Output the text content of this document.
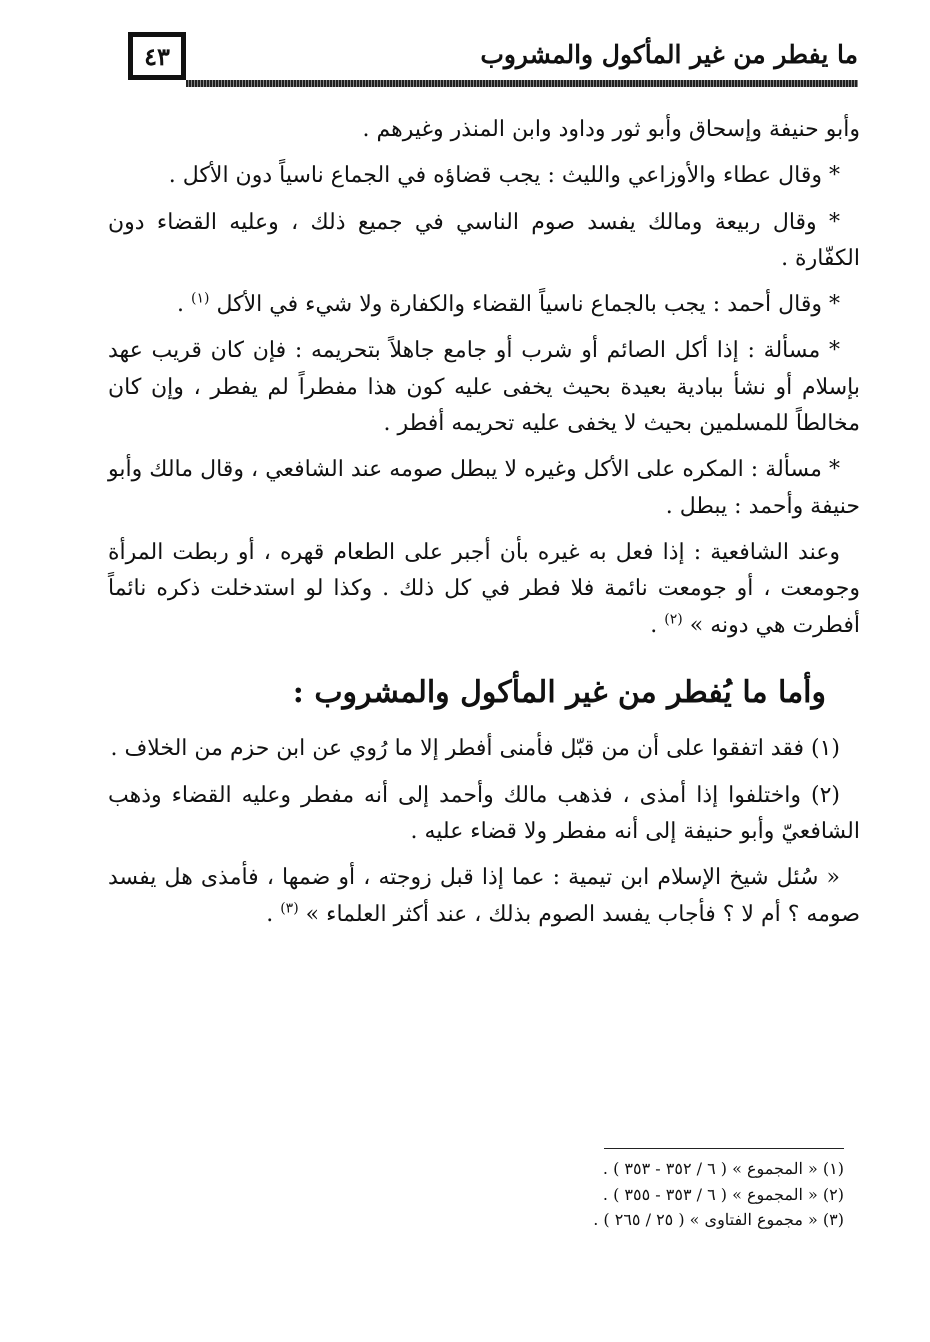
٤٣	ما يفطر من غير المأكول والمشروب

وأبو حنيفة وإسحاق وأبو ثور وداود وابن المنذر وغيرهم .

* وقال عطاء والأوزاعي والليث : يجب قضاؤه في الجماع ناسياً دون الأكل .

* وقال ربيعة ومالك يفسد صوم الناسي في جميع ذلك ، وعليه القضاء دون الكفّارة .

* وقال أحمد : يجب بالجماع ناسياً القضاء والكفارة ولا شيء في الأكل $^{(١)}$ .

* مسألة : إذا أكل الصائم أو شرب أو جامع جاهلاً بتحريمه : فإن كان قريب عهد بإسلام أو نشأ ببادية بعيدة بحيث يخفى عليه كون هذا مفطراً لم يفطر ، وإن كان مخالطاً للمسلمين بحيث لا يخفى عليه تحريمه أفطر .

* مسألة : المكره على الأكل وغيره لا يبطل صومه عند الشافعي ، وقال مالك وأبو حنيفة وأحمد : يبطل .

وعند الشافعية : إذا فعل به غيره بأن أجبر على الطعام قهره ، أو ربطت المرأة وجومعت ، أو جومعت نائمة فلا فطر في كل ذلك . وكذا لو استدخلت ذكره نائماً أفطرت هي دونه » $^{(٢)}$ .

وأما ما يُفطر من غير المأكول والمشروب :

(١) فقد اتفقوا على أن من قبّل فأمنى أفطر إلا ما رُوي عن ابن حزم من الخلاف .

(٢) واختلفوا إذا أمذى ، فذهب مالك وأحمد إلى أنه مفطر وعليه القضاء وذهب الشافعيّ وأبو حنيفة إلى أنه مفطر ولا قضاء عليه .

« سُئل شيخ الإسلام ابن تيمية : عما إذا قبل زوجته ، أو ضمها ، فأمذى هل يفسد صومه ؟ أم لا ؟ فأجاب يفسد الصوم بذلك ، عند أكثر العلماء » $^{(٣)}$ .

(١) « المجموع » ( ٦ / ٣٥٢ - ٣٥٣ ) .

(٢) « المجموع » ( ٦ / ٣٥٣ - ٣٥٥ ) .

(٣) « مجموع الفتاوى » ( ٢٥ / ٢٦٥ ) .
